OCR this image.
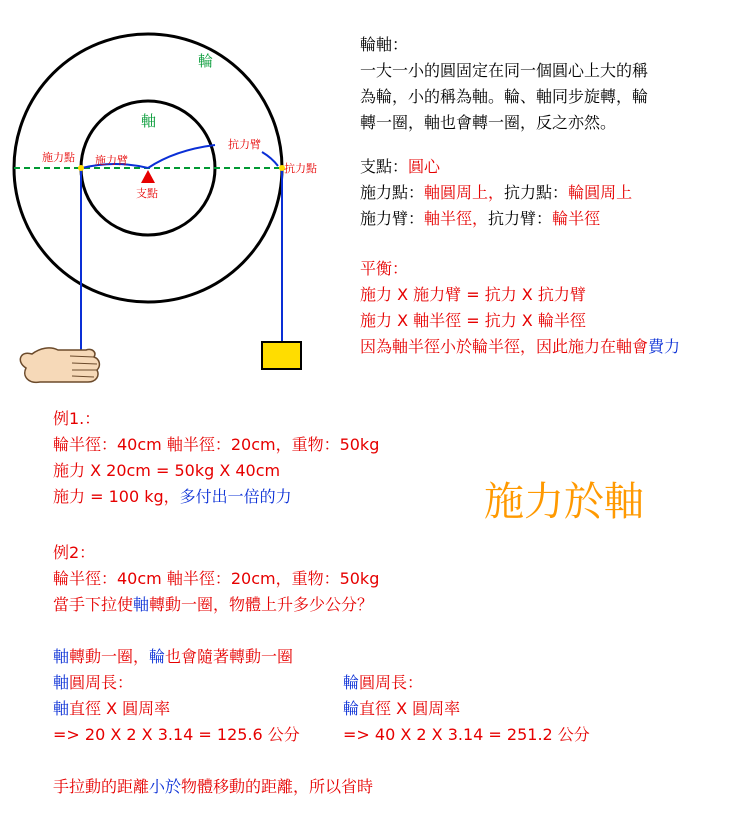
輪
軸
施力點 施力臂
抗力臂
抗力點
支點
輪軸：
一大一小的圓固定在同一個圓心上大的稱
為輪，小的稱為軸。輪、軸同步旋轉，輪
轉一圈，軸也會轉一圈，反之亦然。
支點：圓心
施力點：軸圓周上，抗力點：輪圓周上
施力臂：軸半徑，抗力臂：輪半徑
平衡：
施力 X 施力臂 = 抗力 X 抗力臂
施力 X 軸半徑 = 抗力 X 輪半徑
因為軸半徑小於輪半徑，因此施力在軸會費力
例1.：
輪半徑：40cm 軸半徑：20cm，重物：50kg
施力 X 20cm = 50kg X 40cm
施力 = 100 kg，多付出一倍的力	施力於軸
例2：
輪半徑：40cm 軸半徑：20cm，重物：50kg
當手下拉使軸轉動一圈，物體上升多少公分？
軸轉動一圈，輪也會隨著轉動一圈
軸圓周長：
軸直徑 X 圓周率
=> 20 X 2 X 3.14 = 125.6 公分
輪圓周長：
輪直徑 X 圓周率
=> 40 X 2 X 3.14 = 251.2 公分
手拉動的距離小於物體移動的距離，所以省時
